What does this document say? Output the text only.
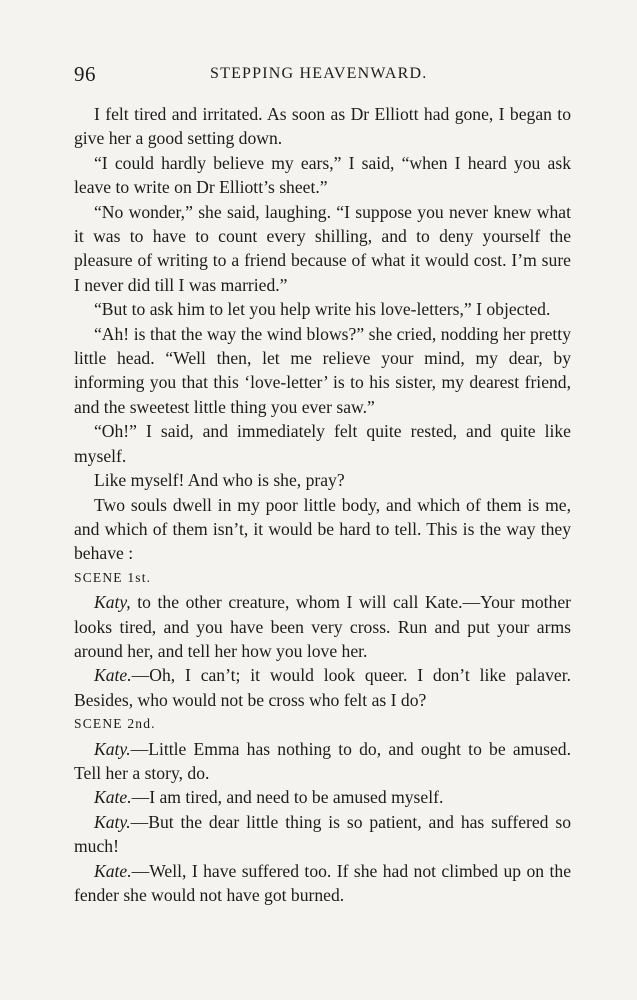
96	STEPPING HEAVENWARD.

I felt tired and irritated. As soon as Dr Elliott had gone, I began to give her a good setting down.

“I could hardly believe my ears,” I said, “when I heard you ask leave to write on Dr Elliott’s sheet.”

“No wonder,” she said, laughing. “I suppose you never knew what it was to have to count every shilling, and to deny yourself the pleasure of writing to a friend because of what it would cost. I’m sure I never did till I was married.”

“But to ask him to let you help write his love-letters,” I objected.

“Ah! is that the way the wind blows?” she cried, nodding her pretty little head. “Well then, let me relieve your mind, my dear, by informing you that this ‘love-letter’ is to his sister, my dearest friend, and the sweetest little thing you ever saw.”

“Oh!” I said, and immediately felt quite rested, and quite like myself.

Like myself! And who is she, pray?

Two souls dwell in my poor little body, and which of them is me, and which of them isn’t, it would be hard to tell. This is the way they behave :

SCENE 1st.

Katy, to the other creature, whom I will call Kate.—Your mother looks tired, and you have been very cross. Run and put your arms around her, and tell her how you love her.

Kate.—Oh, I can’t; it would look queer. I don’t like palaver. Besides, who would not be cross who felt as I do?

SCENE 2nd.

Katy.—Little Emma has nothing to do, and ought to be amused. Tell her a story, do.

Kate.—I am tired, and need to be amused myself.

Katy.—But the dear little thing is so patient, and has suffered so much!

Kate.—Well, I have suffered too. If she had not climbed up on the fender she would not have got burned.
